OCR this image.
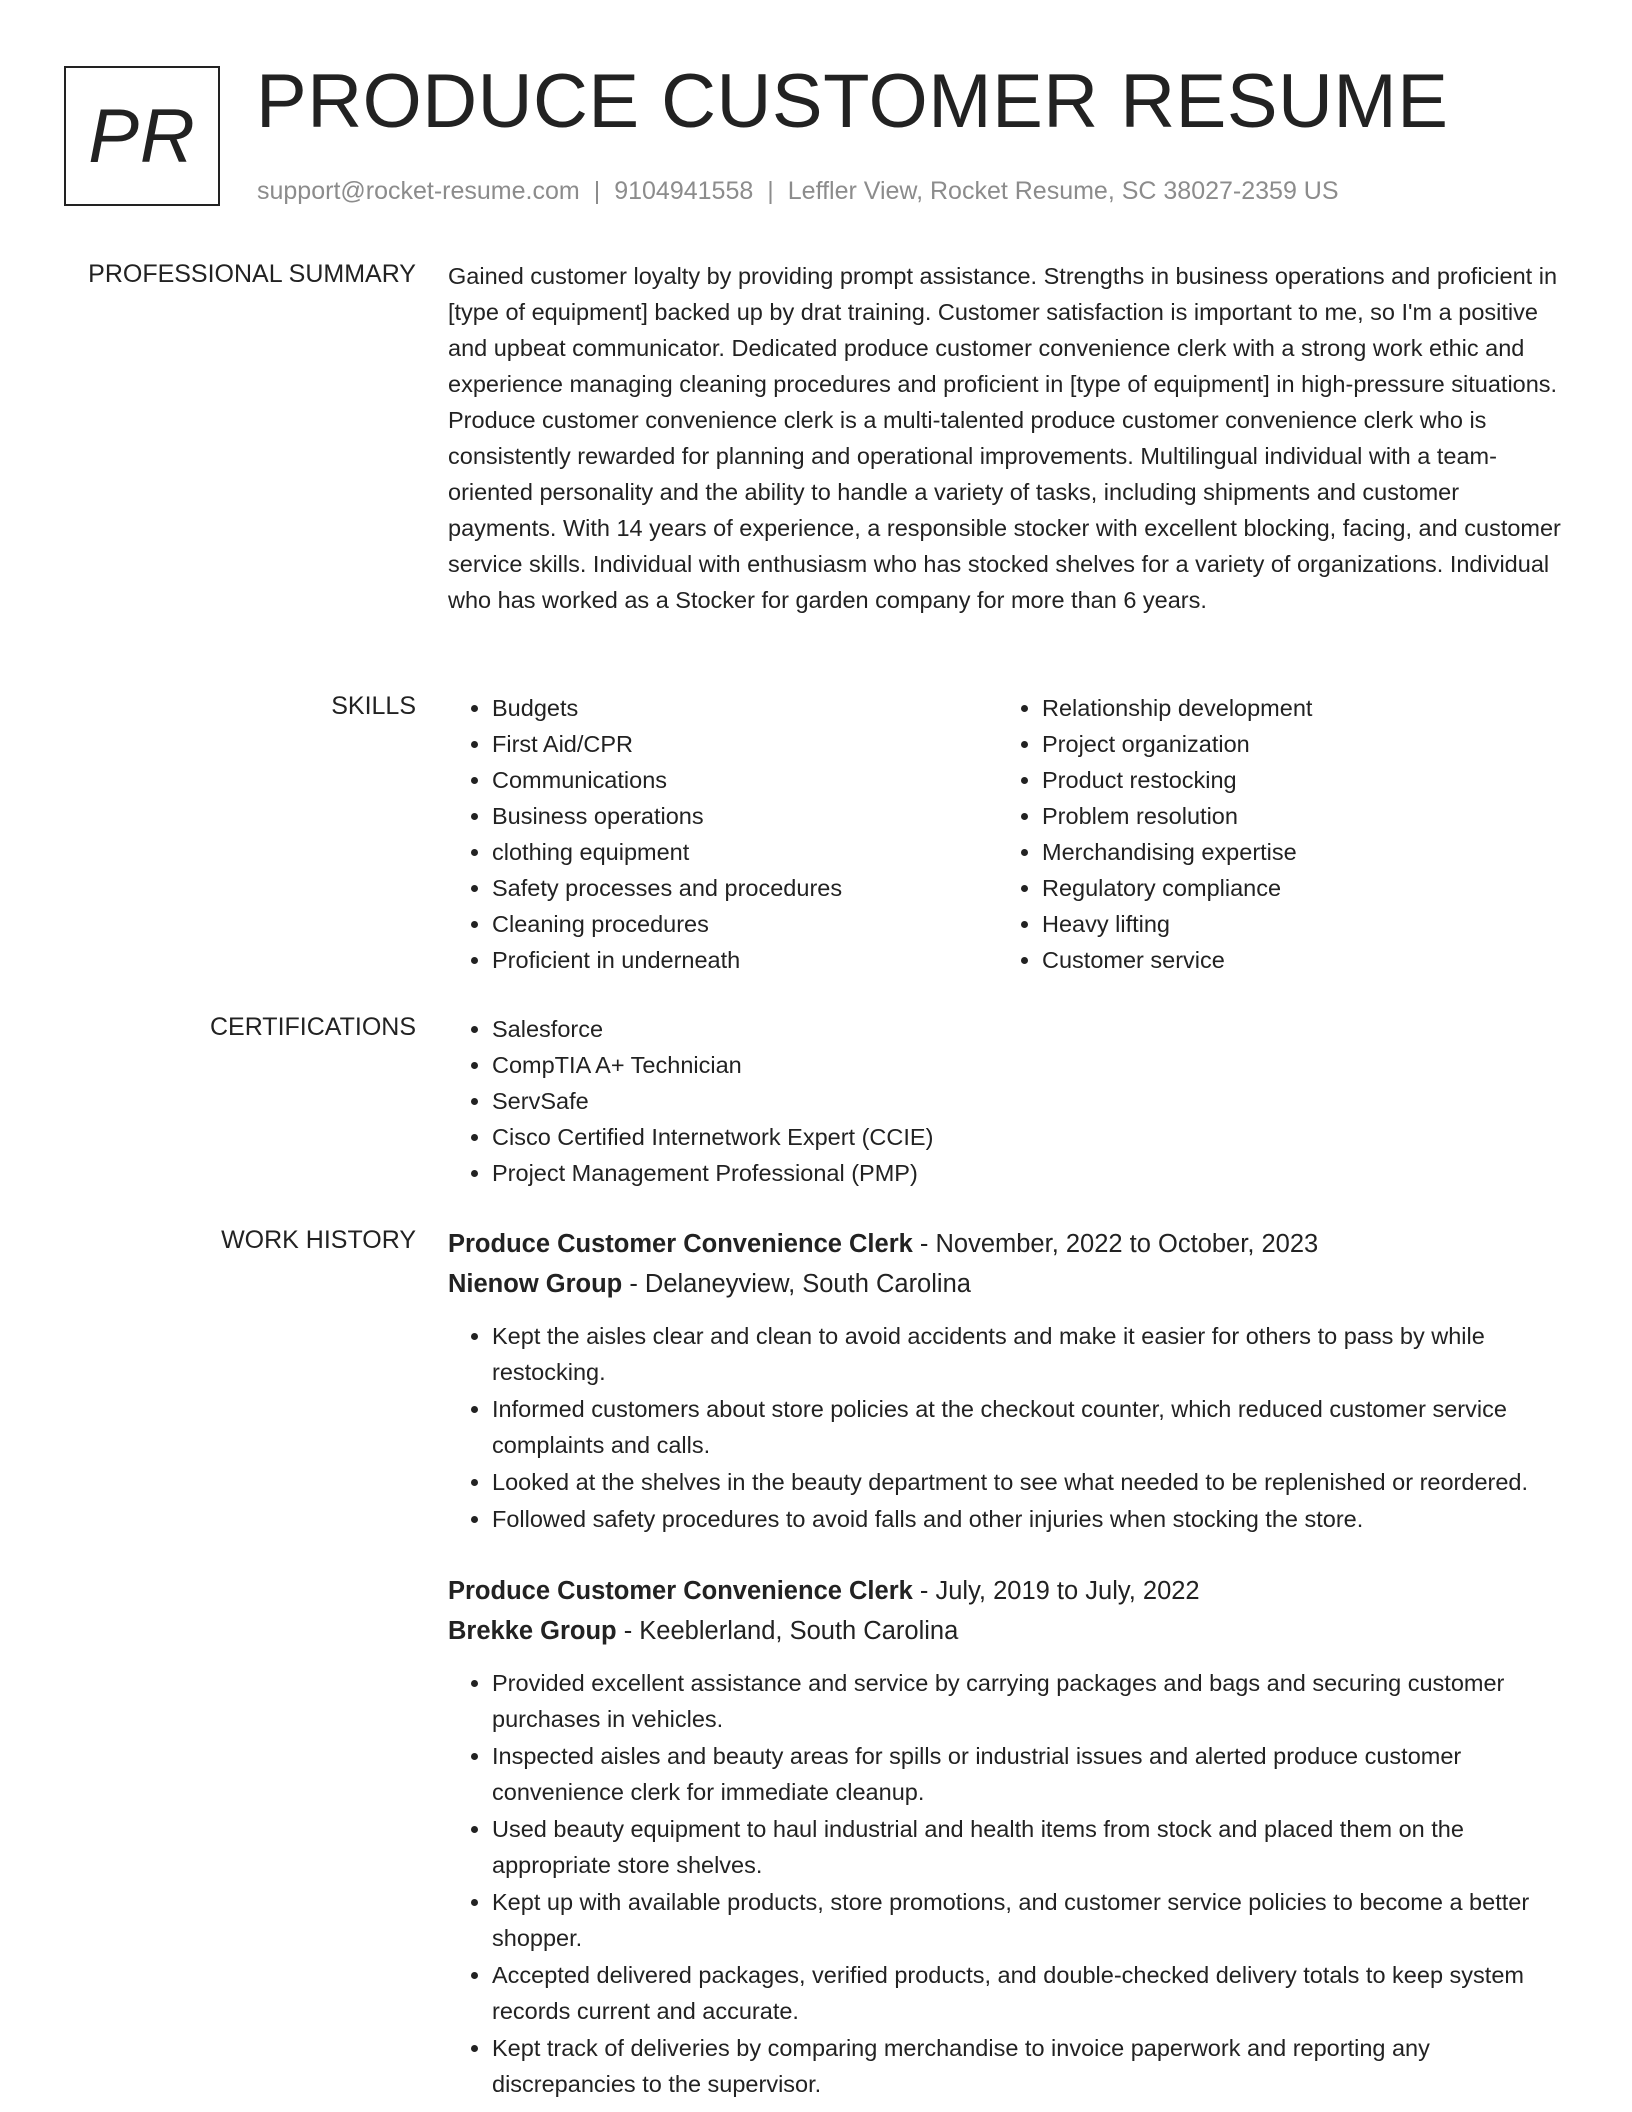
PR PRODUCE CUSTOMER RESUME
support@rocket-resume.com | 9104941558 | Leffler View, Rocket Resume, SC 38027-2359 US
PROFESSIONAL SUMMARY Gained customer loyalty by providing prompt assistance. Strengths in business operations and proficient in [type of equipment] backed up by drat training. Customer satisfaction is important to me, so I'm a positive and upbeat communicator. Dedicated produce customer convenience clerk with a strong work ethic and experience managing cleaning procedures and proficient in [type of equipment] in high-pressure situations. Produce customer convenience clerk is a multi-talented produce customer convenience clerk who is consistently rewarded for planning and operational improvements. Multilingual individual with a team-oriented personality and the ability to handle a variety of tasks, including shipments and customer payments. With 14 years of experience, a responsible stocker with excellent blocking, facing, and customer service skills. Individual with enthusiasm who has stocked shelves for a variety of organizations. Individual who has worked as a Stocker for garden company for more than 6 years.

SKILLS	• Budgets
• First Aid/CPR
• Communications
• Business operations
• clothing equipment
• Safety processes and procedures
• Cleaning procedures
• Proficient in underneath
• Relationship development
• Project organization
• Product restocking
• Problem resolution
• Merchandising expertise
• Regulatory compliance
• Heavy lifting
• Customer service
CERTIFICATIONS	• Salesforce
• CompTIA A+ Technician
• ServSafe
• Cisco Certified Internetwork Expert (CCIE)
• Project Management Professional (PMP)
WORK HISTORY Produce Customer Convenience Clerk - November, 2022 to October, 2023
Nienow Group - Delaneyview, South Carolina
• Kept the aisles clear and clean to avoid accidents and make it easier for others to pass by while restocking.
• Informed customers about store policies at the checkout counter, which reduced customer service complaints and calls.
• Looked at the shelves in the beauty department to see what needed to be replenished or reordered.
• Followed safety procedures to avoid falls and other injuries when stocking the store.
Produce Customer Convenience Clerk - July, 2019 to July, 2022
Brekke Group - Keeblerland, South Carolina
• Provided excellent assistance and service by carrying packages and bags and securing customer purchases in vehicles.
• Inspected aisles and beauty areas for spills or industrial issues and alerted produce customer convenience clerk for immediate cleanup.
• Used beauty equipment to haul industrial and health items from stock and placed them on the appropriate store shelves.
• Kept up with available products, store promotions, and customer service policies to become a better shopper.
• Accepted delivered packages, verified products, and double-checked delivery totals to keep system records current and accurate.
• Kept track of deliveries by comparing merchandise to invoice paperwork and reporting any discrepancies to the supervisor.
